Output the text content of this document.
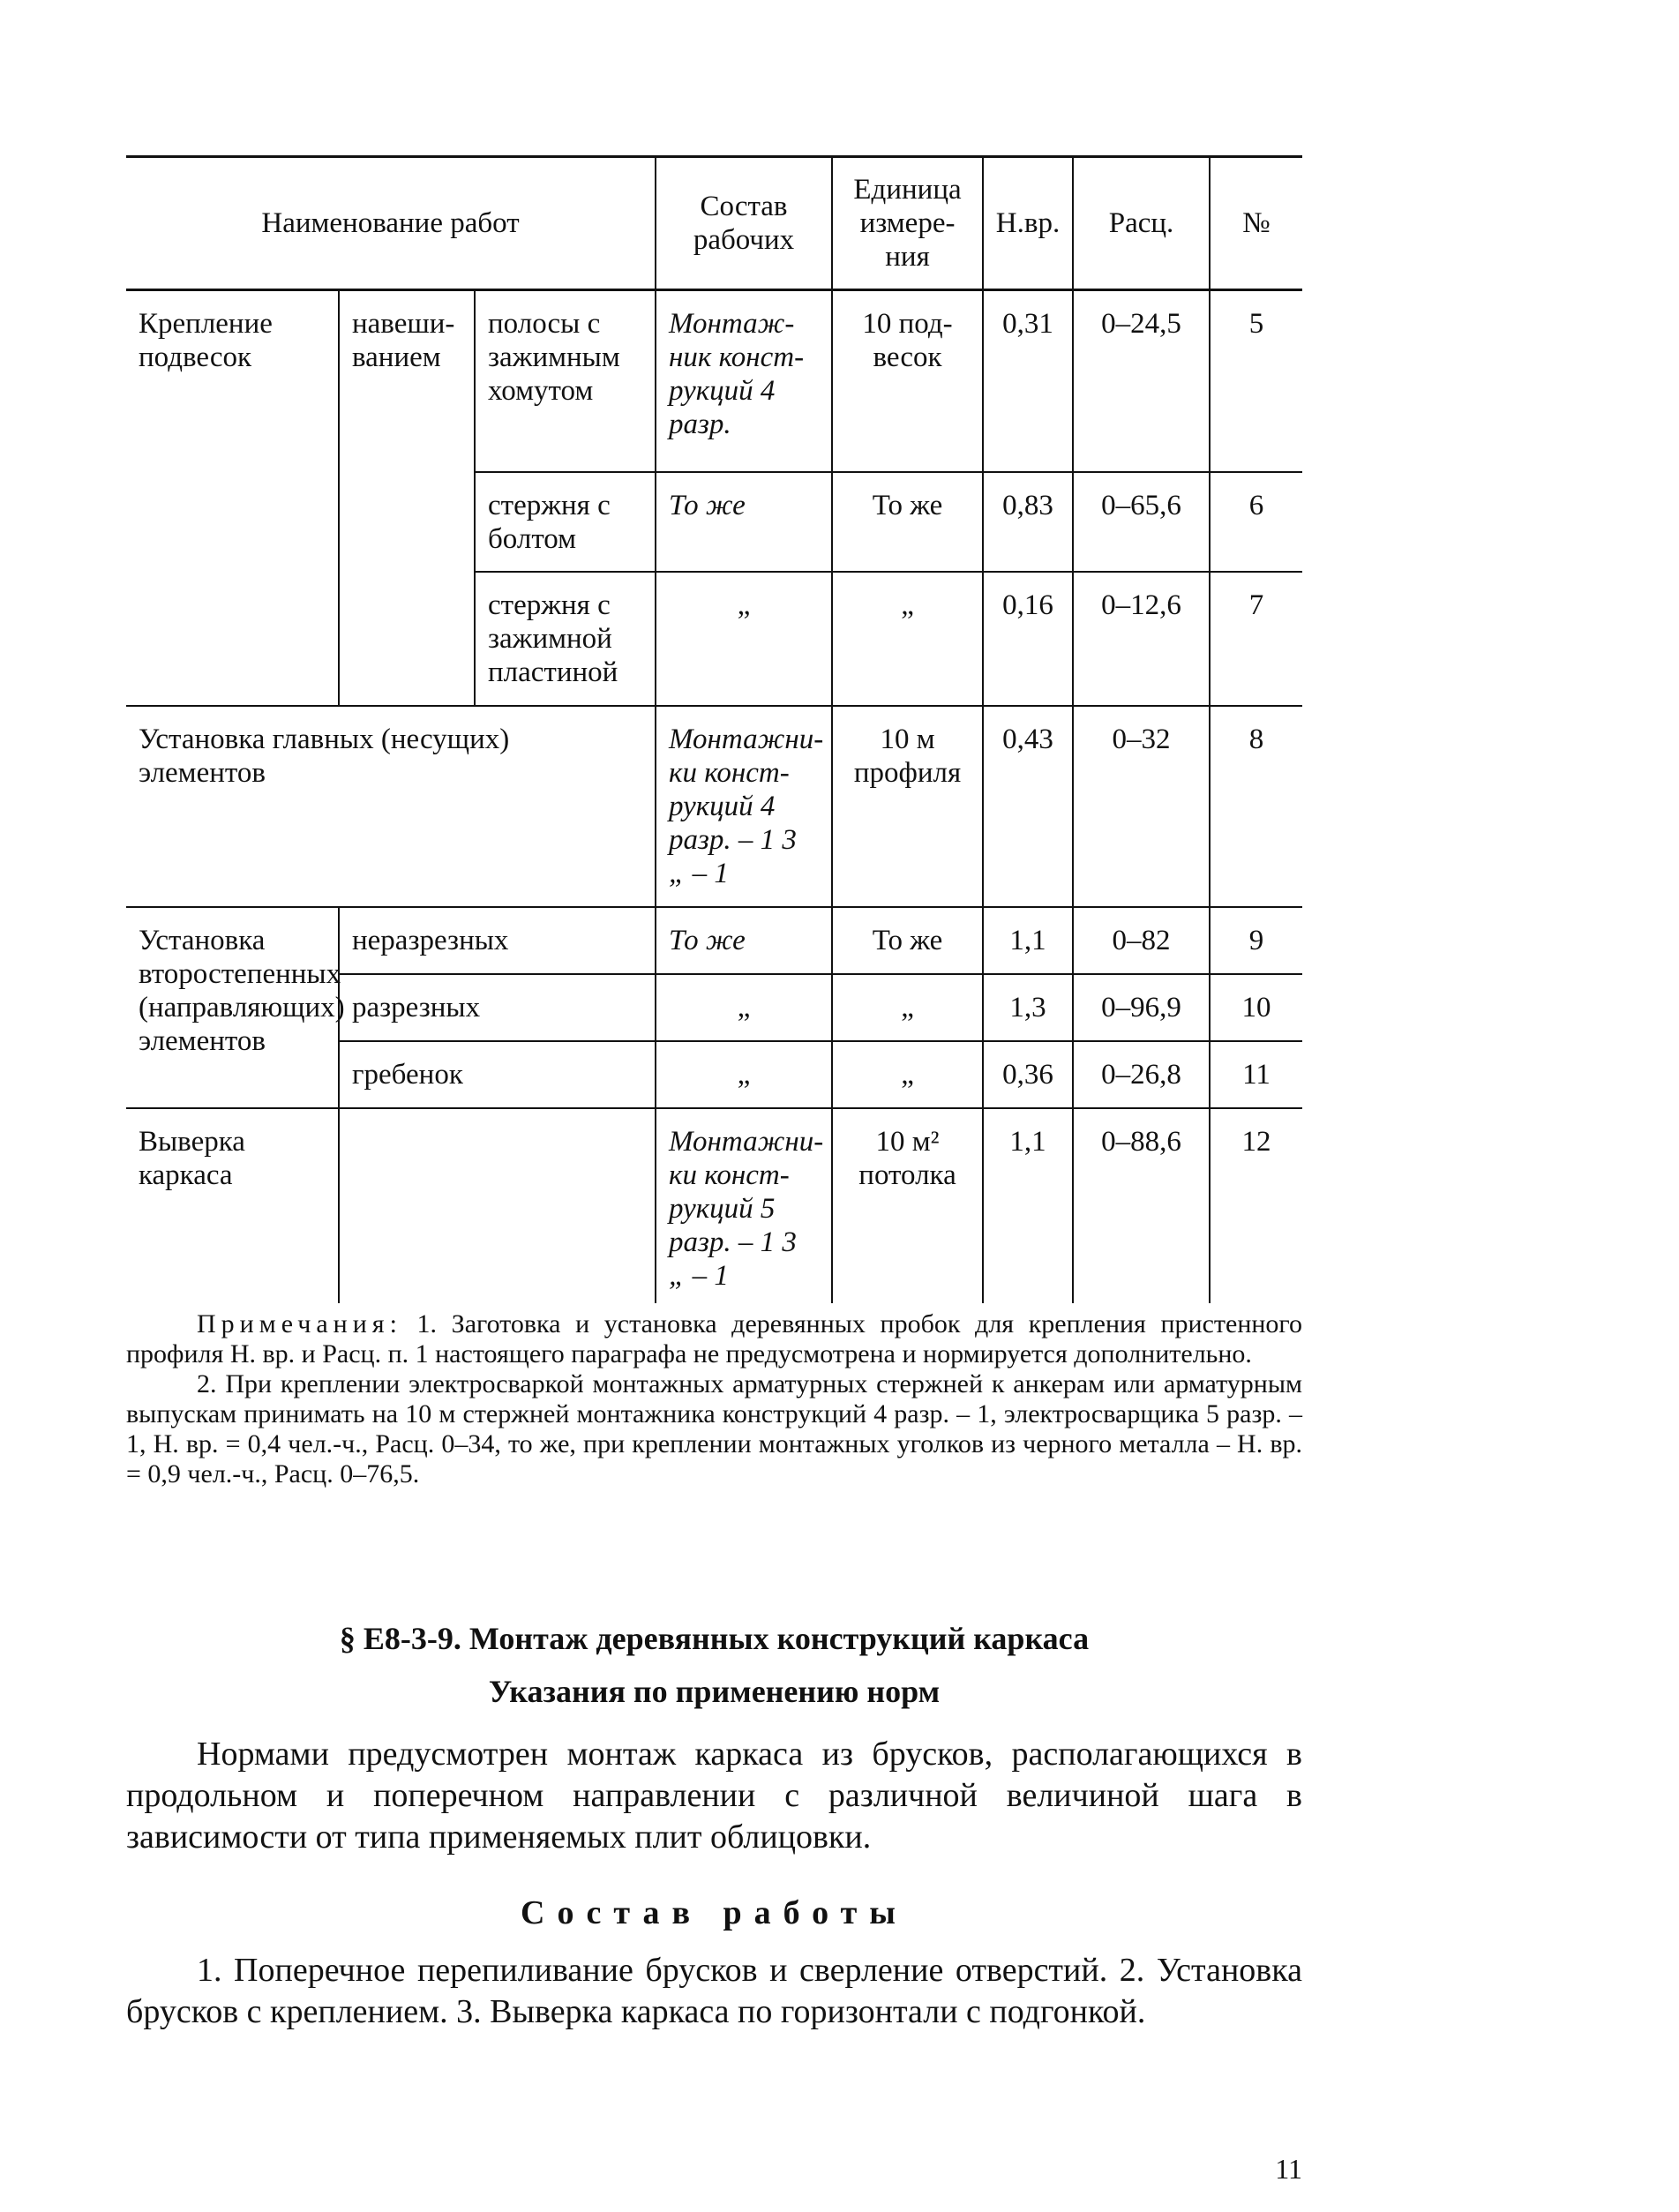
Наименование работ			Состав рабочих	Единица измере-ния	Н.вр.	Расц.	№
Крепление подвесок	навеши-ванием	полосы с зажимным хомутом	Монтаж-ник конст-рукций 4 разр.	10 под-весок	0,31	0–24,5	5
		стержня с болтом	То же	То же	0,83	0–65,6	6
		стержня с зажимной пластиной	„	„	0,16	0–12,6	7
Установка главных (несущих) элементов			Монтажни-ки конст-рукций 4 разр. – 1 3 „ – 1	10 м профиля	0,43	0–32	8
Установка второстепенных (направляющих) элементов	неразрезных		То же	То же	1,1	0–82	9
	разрезных		„	„	1,3	0–96,9	10
	гребенок		„	„	0,36	0–26,8	11
Выверка каркаса			Монтажни-ки конст-рукций 5 разр. – 1 3 „ – 1	10 м² потолка	1,1	0–88,6	12

Примечания: 1. Заготовка и установка деревянных пробок для крепления пристенного профиля Н. вр. и Расц. п. 1 настоящего параграфа не предусмотрена и нормируется дополнительно.

2. При креплении электросваркой монтажных арматурных стержней к анкерам или арматурным выпускам принимать на 10 м стержней монтажника конструкций 4 разр. – 1, электросварщика 5 разр. – 1, Н. вр. = 0,4 чел.-ч., Расц. 0–34, то же, при креплении монтажных уголков из черного металла – Н. вр. = 0,9 чел.-ч., Расц. 0–76,5.

§ Е8-3-9. Монтаж деревянных конструкций каркаса
Указания по применению норм

Нормами предусмотрен монтаж каркаса из брусков, располагающихся в продольном и поперечном направлении с различной величиной шага в зависимости от типа применяемых плит облицовки.

Состав работы

1. Поперечное перепиливание брусков и сверление отверстий. 2. Установка брусков с креплением. 3. Выверка каркаса по горизонтали с подгонкой.

11
